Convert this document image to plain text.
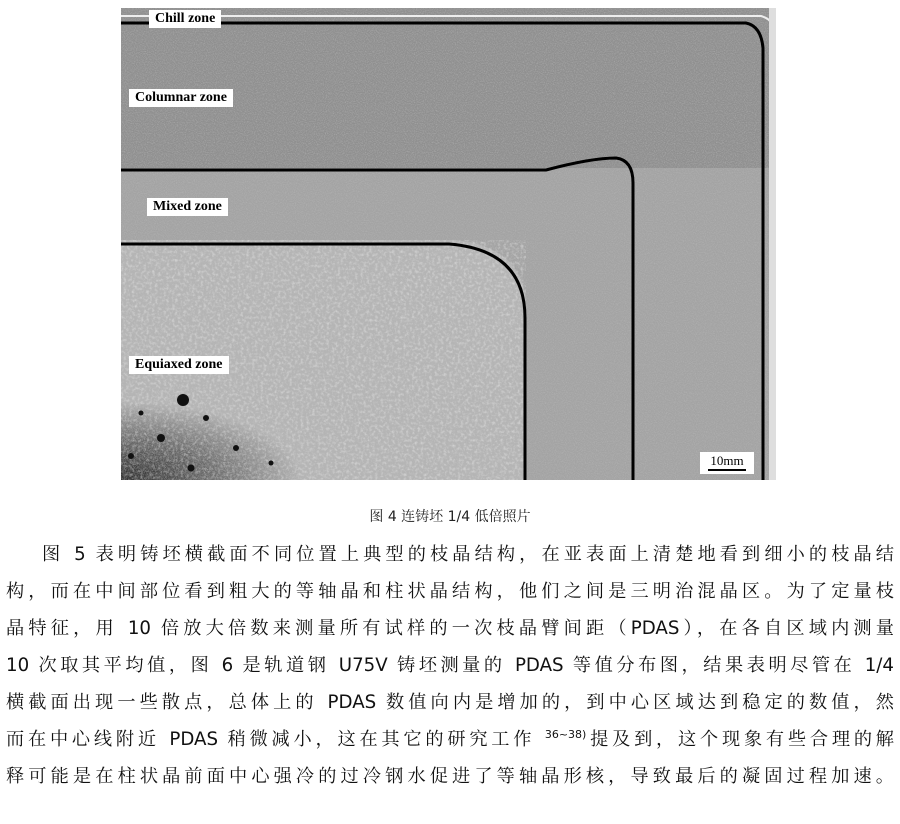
Chill zone
Columnar zone
Mixed zone
Equiaxed zone
10mm
图 4 连铸坯 1/4 低倍照片
图 5 表明铸坯横截面不同位置上典型的枝晶结构，在亚表面上清楚地看到细小的枝晶结
构，而在中间部位看到粗大的等轴晶和柱状晶结构，他们之间是三明治混晶区。为了定量枝
晶特征，用 10 倍放大倍数来测量所有试样的一次枝晶臂间距（PDAS），在各自区域内测量
10 次取其平均值，图 6 是轨道钢 U75V 铸坯测量的 PDAS 等值分布图，结果表明尽管在 1/4
横截面出现一些散点，总体上的 PDAS 数值向内是增加的，到中心区域达到稳定的数值，然
而在中心线附近 PDAS 稍微减小，这在其它的研究工作 $^{36\sim 38)}$提及到，这个现象有些合理的解
释可能是在柱状晶前面中心强冷的过冷钢水促进了等轴晶形核，导致最后的凝固过程加速。
